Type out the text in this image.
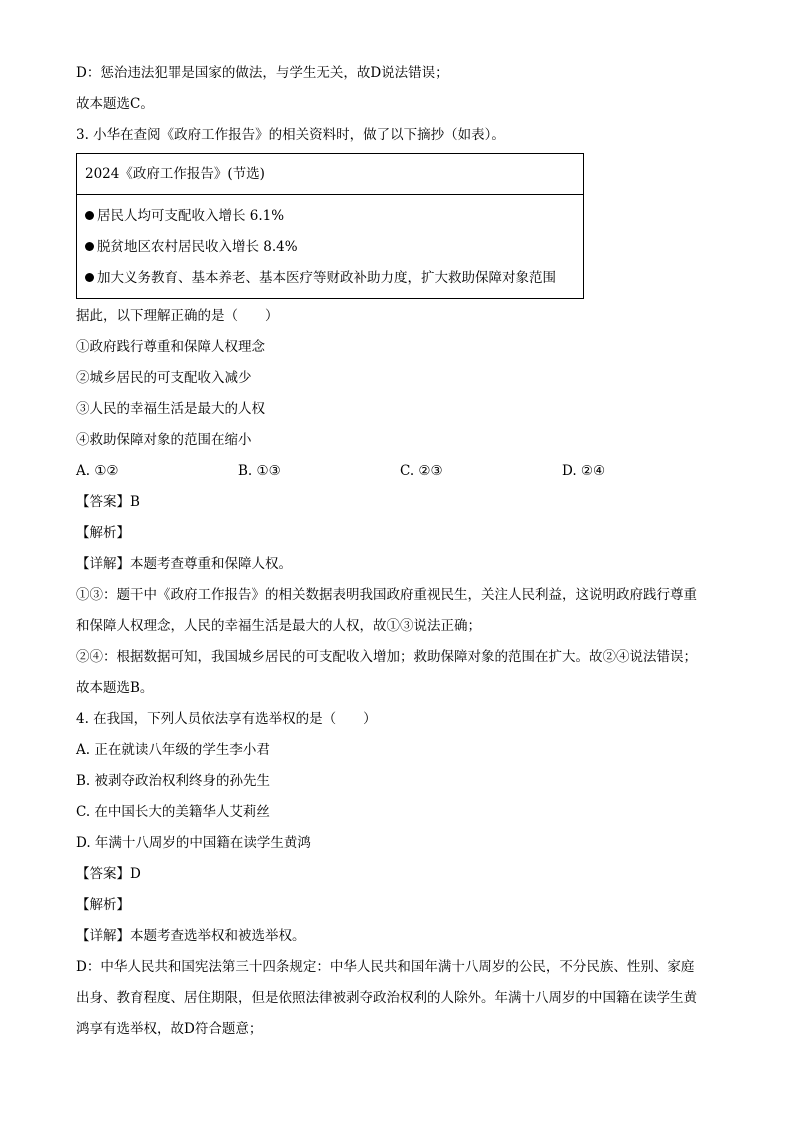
D：惩治违法犯罪是国家的做法，与学生无关，故D说法错误；
故本题选C。
3. 小华在查阅《政府工作报告》的相关资料时，做了以下摘抄（如表）。
2024《政府工作报告》(节选)
居民人均可支配收入增长 6.1%
脱贫地区农村居民收入增长 8.4%
加大义务教育、基本养老、基本医疗等财政补助力度，扩大救助保障对象范围
据此，以下理解正确的是（　　）
①政府践行尊重和保障人权理念
②城乡居民的可支配收入减少
③人民的幸福生活是最大的人权
④救助保障对象的范围在缩小
A. ①②	B. ①③	C. ②③	D. ②④
【答案】B
【解析】
【详解】本题考查尊重和保障人权。
①③：题干中《政府工作报告》的相关数据表明我国政府重视民生，关注人民利益，这说明政府践行尊重
和保障人权理念，人民的幸福生活是最大的人权，故①③说法正确；
②④：根据数据可知，我国城乡居民的可支配收入增加；救助保障对象的范围在扩大。故②④说法错误；
故本题选B。
4. 在我国，下列人员依法享有选举权的是（　　）
A. 正在就读八年级的学生李小君
B. 被剥夺政治权利终身的孙先生
C. 在中国长大的美籍华人艾莉丝
D. 年满十八周岁的中国籍在读学生黄鸿
【答案】D
【解析】
【详解】本题考查选举权和被选举权。
D：中华人民共和国宪法第三十四条规定：中华人民共和国年满十八周岁的公民，不分民族、性别、家庭
出身、教育程度、居住期限，但是依照法律被剥夺政治权利的人除外。年满十八周岁的中国籍在读学生黄
鸿享有选举权，故D符合题意；
